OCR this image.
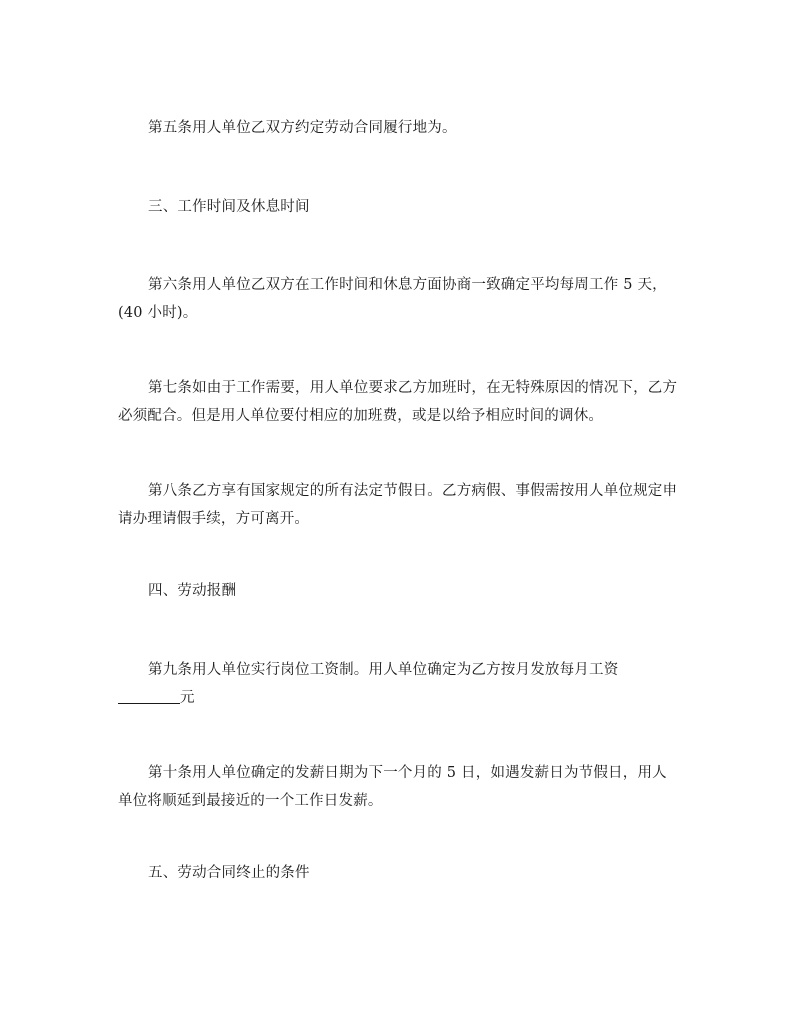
第五条用人单位乙双方约定劳动合同履行地为。

三、工作时间及休息时间

第六条用人单位乙双方在工作时间和休息方面协商一致确定平均每周工作 5 天，(40 小时)。

第七条如由于工作需要，用人单位要求乙方加班时，在无特殊原因的情况下，乙方必须配合。但是用人单位要付相应的加班费，或是以给予相应时间的调休。

第八条乙方享有国家规定的所有法定节假日。乙方病假、事假需按用人单位规定申请办理请假手续，方可离开。

四、劳动报酬

第九条用人单位实行岗位工资制。用人单位确定为乙方按月发放每月工资
元

第十条用人单位确定的发薪日期为下一个月的 5 日，如遇发薪日为节假日，用人单位将顺延到最接近的一个工作日发薪。

五、劳动合同终止的条件
